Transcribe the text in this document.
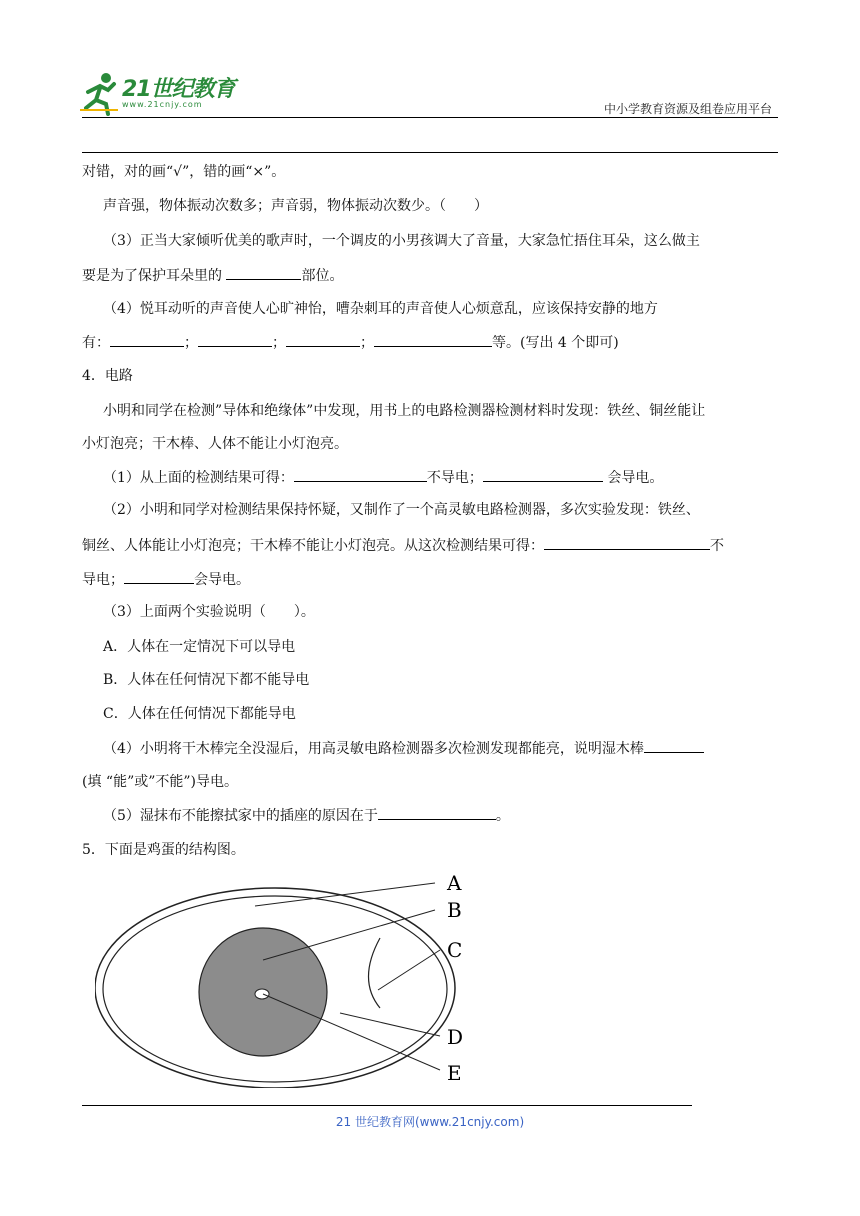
21世纪教育
www.21cnjy.com	中小学教育资源及组卷应用平台
对错，对的画“√”，错的画“×”。
声音强，物体振动次数多；声音弱，物体振动次数少。（　　）
（3）正当大家倾听优美的歌声时，一个调皮的小男孩调大了音量，大家急忙捂住耳朵，这么做主
要是为了保护耳朵里的	部位。
（4）悦耳动听的声音使人心旷神怡，嘈杂刺耳的声音使人心烦意乱，应该保持安静的地方
有：	；	；	；	等。(写出 4 个即可)
4．电路
小明和同学在检测”导体和绝缘体”中发现，用书上的电路检测器检测材料时发现：铁丝、铜丝能让
小灯泡亮；干木棒、人体不能让小灯泡亮。
（1）从上面的检测结果可得：	不导电；	会导电。
（2）小明和同学对检测结果保持怀疑，又制作了一个高灵敏电路检测器，多次实验发现：铁丝、
铜丝、人体能让小灯泡亮；干木棒不能让小灯泡亮。从这次检测结果可得：	不
导电；	会导电。
（3）上面两个实验说明（　　）。
A．人体在一定情况下可以导电
B．人体在任何情况下都不能导电
C．人体在任何情况下都能导电
（4）小明将干木棒完全没湿后，用高灵敏电路检测器多次检测发现都能亮，说明湿木棒
(填 “能”或”不能”)导电。
（5）湿抹布不能擦拭家中的插座的原因在于	。
5．下面是鸡蛋的结构图。
A
B
C
D
E
21 世纪教育网(www.21cnjy.com)
